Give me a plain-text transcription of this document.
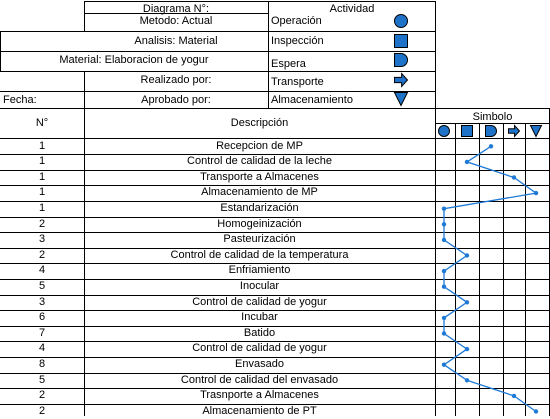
Diagrama N°:	Actividad
Metodo: Actual
Analisis: Material
Material: Elaboracion de yogur
Realizado por:
Fecha:	Aprobado por:
Operación
Inspección
Espera
Transporte
Almacenamiento
N°	Descripción	Simbolo
1	Recepcion de MP
1	Control de calidad de la leche
1	Transporte a Almacenes
1	Almacenamiento de MP
1	Estandarización
2	Homogeinización
3	Pasteurización
2	Control de calidad de la temperatura
4	Enfriamiento
5	Inocular
3	Control de calidad de yogur
6	Incubar
7	Batido
4	Control de calidad de yogur
8	Envasado
5	Control de calidad del envasado
2	Trasnporte a Almacenes
2	Almacenamiento de PT
